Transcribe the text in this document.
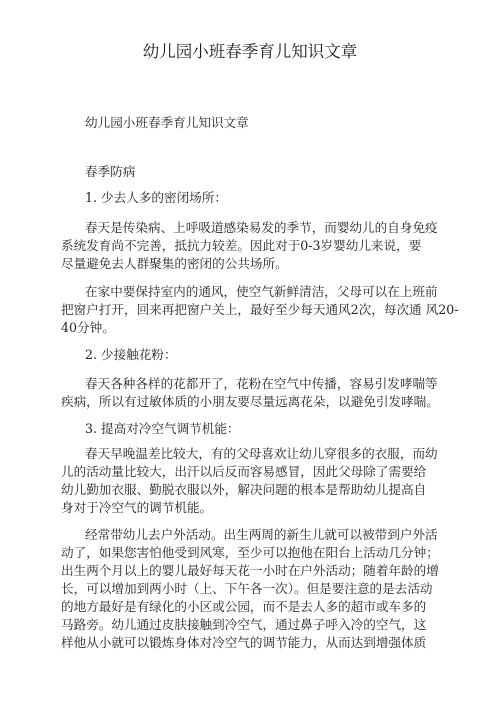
幼儿园小班春季育儿知识文章
幼儿园小班春季育儿知识文章
春季防病
1. 少去人多的密闭场所：
春天是传染病、上呼吸道感染易发的季节，而婴幼儿的自身免疫
系统发育尚不完善，抵抗力较差。因此对于0-3岁婴幼儿来说，要
尽量避免去人群聚集的密闭的公共场所。
在家中要保持室内的通风，使空气新鲜清洁，父母可以在上班前
把窗户打开，回来再把窗户关上，最好至少每天通风2次，每次通 风20-
40分钟。
2. 少接触花粉：
春天各种各样的花都开了，花粉在空气中传播，容易引发哮喘等
疾病，所以有过敏体质的小朋友要尽量远离花朵，以避免引发哮喘。
3. 提高对冷空气调节机能：
春天早晚温差比较大，有的父母喜欢让幼儿穿很多的衣服，而幼
儿的活动量比较大，出汗以后反而容易感冒，因此父母除了需要给
幼儿勤加衣服、勤脱衣服以外，解决问题的根本是帮助幼儿提高自
身对于冷空气的调节机能。
经常带幼儿去户外活动。出生两周的新生儿就可以被带到户外活
动了，如果您害怕他受到风寒，至少可以抱他在阳台上活动几分钟；
出生两个月以上的婴儿最好每天花一小时在户外活动；随着年龄的增
长，可以增加到两小时（上、下午各一次）。但是要注意的是去活动
的地方最好是有绿化的小区或公园，而不是去人多的超市或车多的
马路旁。幼儿通过皮肤接触到冷空气，通过鼻子呼入冷的空气，这
样他从小就可以锻炼身体对冷空气的调节能力，从而达到增强体质
